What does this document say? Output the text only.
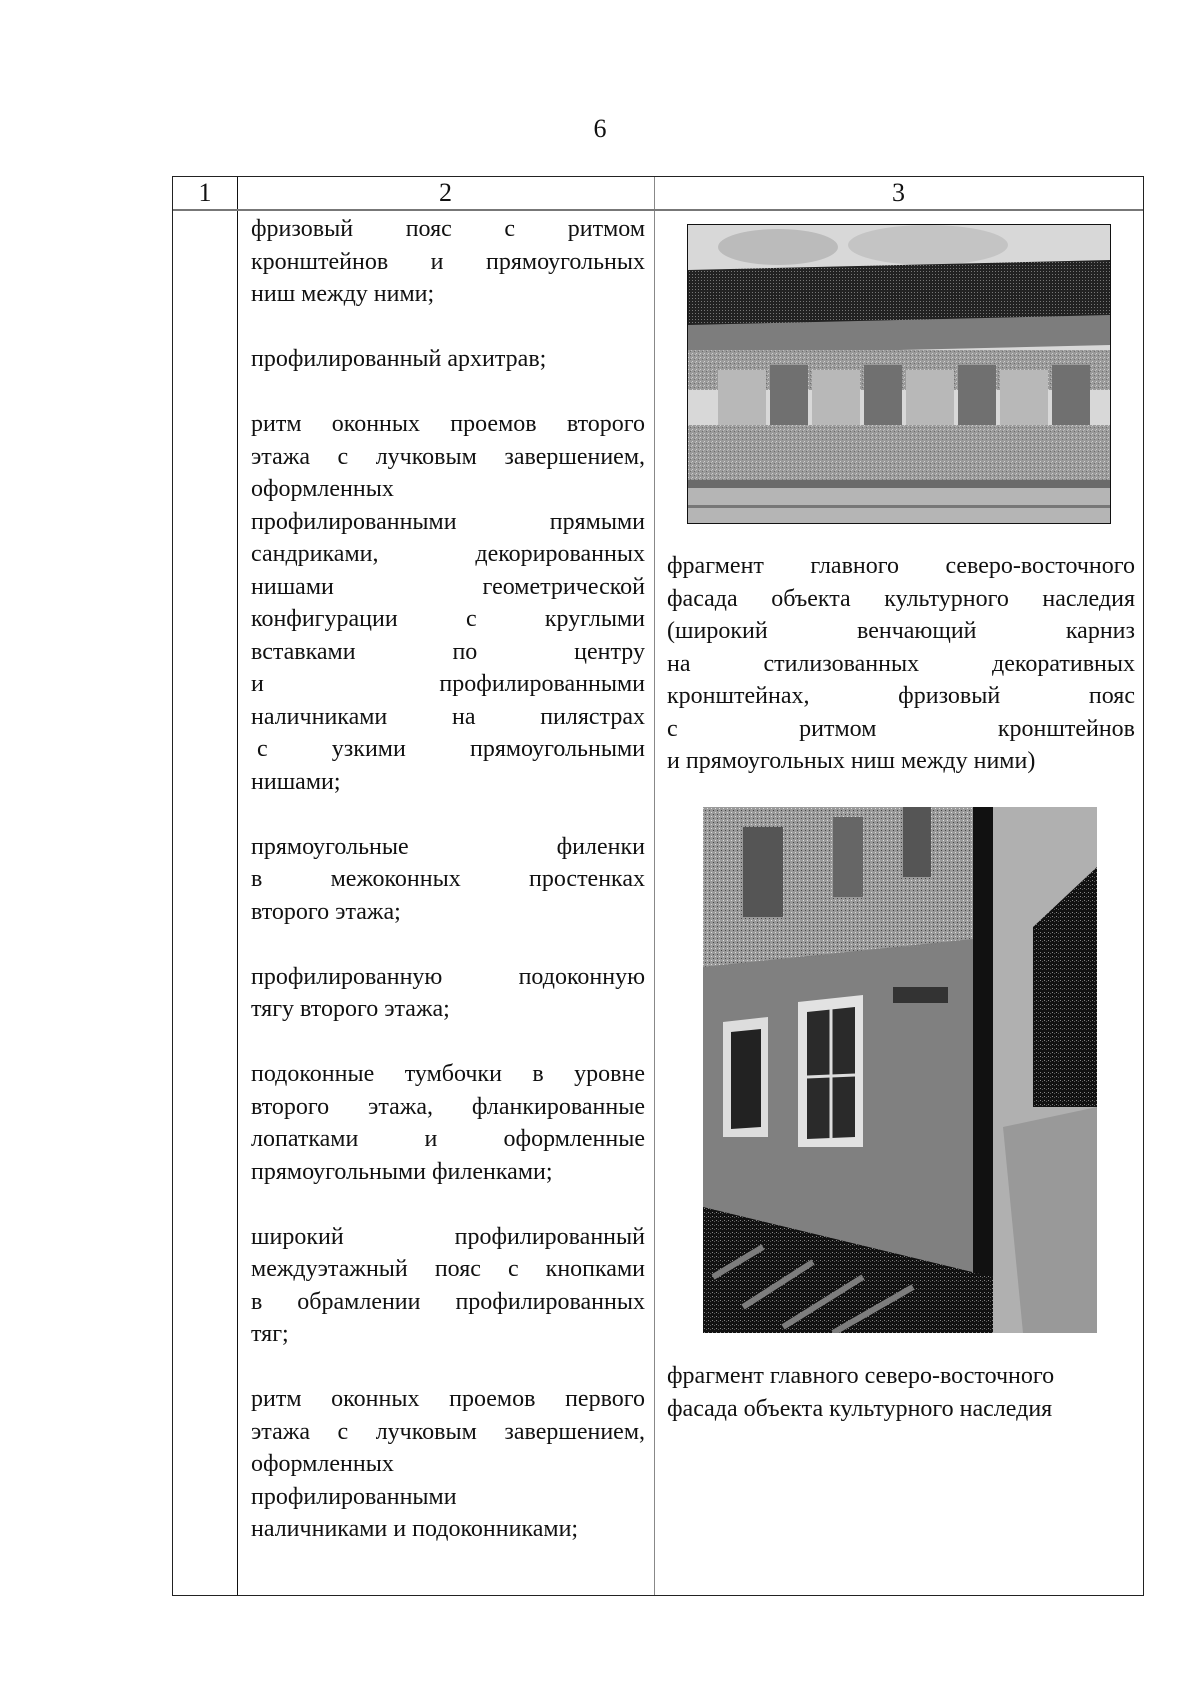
6
1	2	3

фризовый пояс с ритмом
кронштейнов и прямоугольных
ниш между ними;

профилированный архитрав;

ритм оконных проемов второго
этажа с лучковым завершением,
оформленных
профилированными прямыми
сандриками, декорированных
нишами геометрической
конфигурации с круглыми
вставками по центру
и профилированными
наличниками на пилястрах
с узкими прямоугольными
нишами;

прямоугольные филенки
в межоконных простенках
второго этажа;

профилированную подоконную
тягу второго этажа;

подоконные тумбочки в уровне
второго этажа, фланкированные
лопатками и оформленные
прямоугольными филенками;

широкий профилированный
междуэтажный пояс с кнопками
в обрамлении профилированных
тяг;

ритм оконных проемов первого
этажа с лучковым завершением,
оформленных
профилированными
наличниками и подоконниками;

фрагмент главного северо-восточного
фасада объекта культурного наследия
(широкий венчающий карниз
на стилизованных декоративных
кронштейнах, фризовый пояс
с ритмом кронштейнов
и прямоугольных ниш между ними)
фрагмент главного северо-восточного
фасада объекта культурного наследия
